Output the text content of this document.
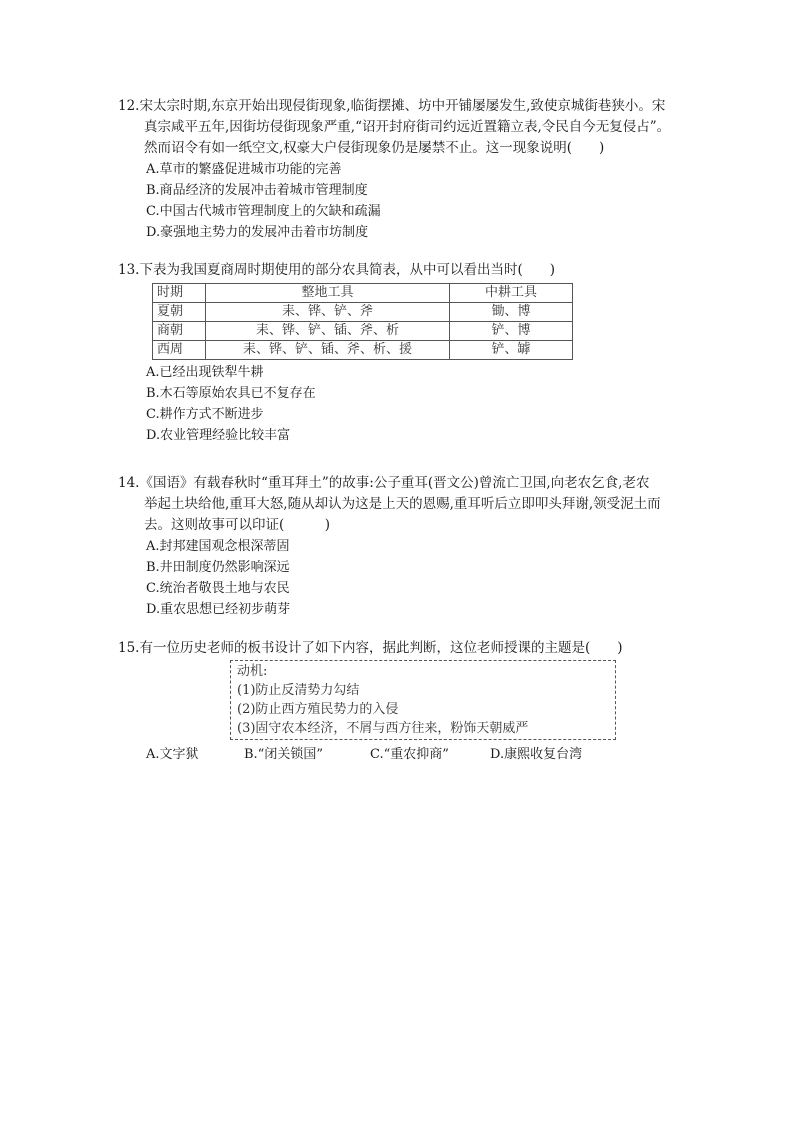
12.宋太宗时期,东京开始出现侵街现象,临街摆摊、坊中开铺屡屡发生,致使京城街巷狭小。宋

真宗咸平五年,因街坊侵街现象严重,“诏开封府街司约远近置籍立表,令民自今无复侵占”。

然而诏令有如一纸空文,权豪大户侵街现象仍是屡禁不止。这一现象说明(　　)

A.草市的繁盛促进城市功能的完善

B.商品经济的发展冲击着城市管理制度

C.中国古代城市管理制度上的欠缺和疏漏

D.豪强地主势力的发展冲击着市坊制度

13.下表为我国夏商周时期使用的部分农具简表，从中可以看出当时(　　)

时期	整地工具	中耕工具
夏朝	耒、铧、铲、斧	锄、博
商朝	耒、铧、铲、锸、斧、析	铲、博
西周	耒、铧、铲、锸、斧、析、援	铲、罅

A.已经出现铁犁牛耕

B.木石等原始农具已不复存在

C.耕作方式不断进步

D.农业管理经验比较丰富

14.《国语》有载春秋时“重耳拜土”的故事:公子重耳(晋文公)曾流亡卫国,向老农乞食,老农

举起土块给他,重耳大怒,随从却认为这是上天的恩赐,重耳听后立即叩头拜谢,领受泥土而

去。这则故事可以印证(　　　)

A.封邦建国观念根深蒂固

B.井田制度仍然影响深远

C.统治者敬畏土地与农民

D.重农思想已经初步萌芽

15.有一位历史老师的板书设计了如下内容，据此判断，这位老师授课的主题是(　　)

动机:
(1)防止反清势力勾结
(2)防止西方殖民势力的入侵
(3)固守农本经济，不屑与西方往来，粉饰天朝威严
A.文字狱	B.“闭关锁国”	C.“重农抑商”	D.康熙收复台湾
